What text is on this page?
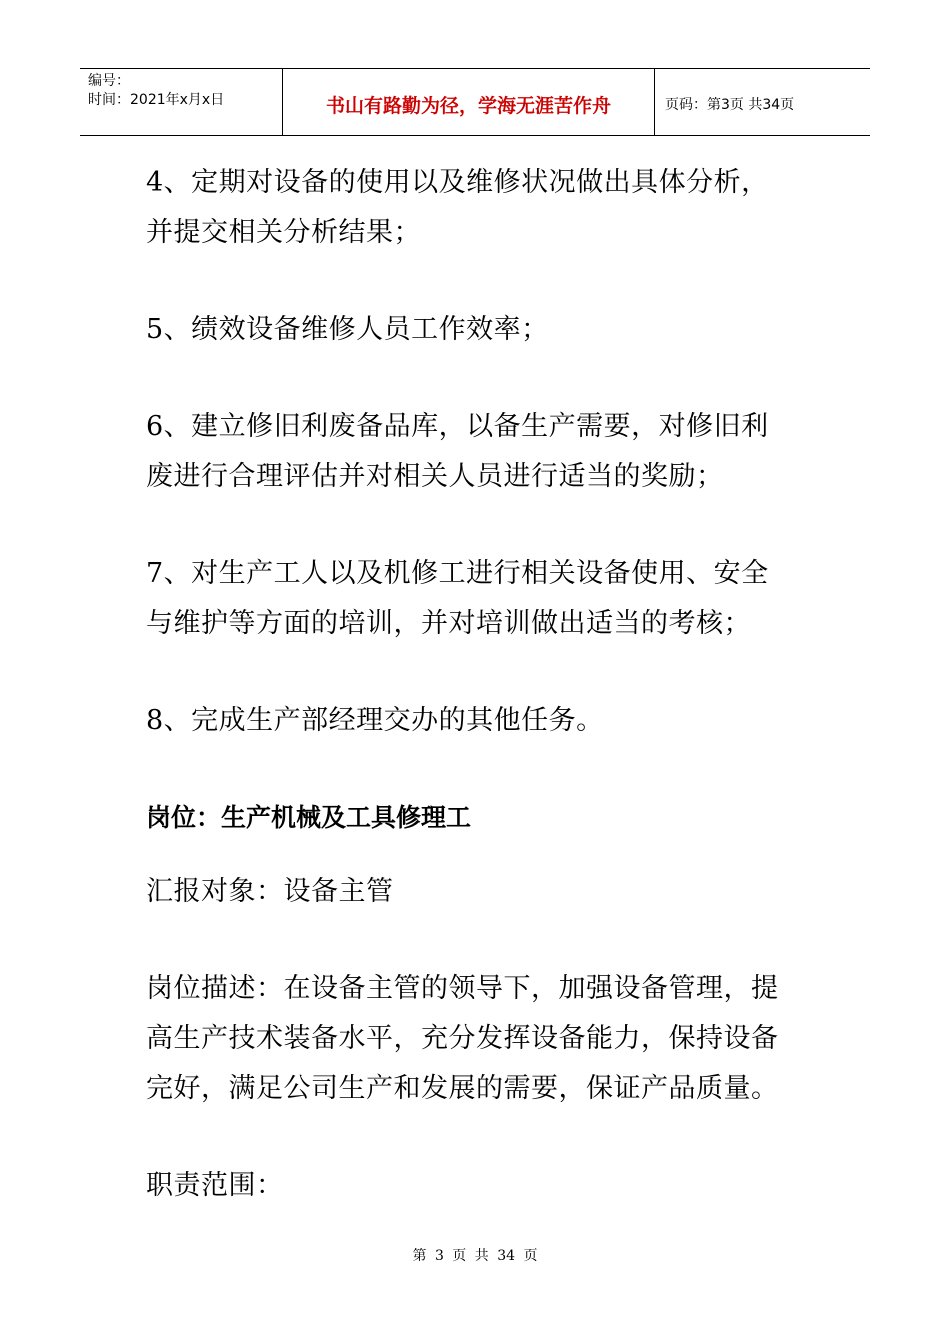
编号：
时间：2021年x月x日	书山有路勤为径，学海无涯苦作舟	页码：第3页 共34页

4、定期对设备的使用以及维修状况做出具体分析，

并提交相关分析结果；

5、绩效设备维修人员工作效率；

6、建立修旧利废备品库，以备生产需要，对修旧利

废进行合理评估并对相关人员进行适当的奖励；

7、对生产工人以及机修工进行相关设备使用、安全

与维护等方面的培训，并对培训做出适当的考核；

8、完成生产部经理交办的其他任务。

岗位：生产机械及工具修理工

汇报对象：设备主管

岗位描述：在设备主管的领导下，加强设备管理，提

高生产技术装备水平，充分发挥设备能力，保持设备

完好，满足公司生产和发展的需要，保证产品质量。

职责范围：

第 3 页 共 34 页
